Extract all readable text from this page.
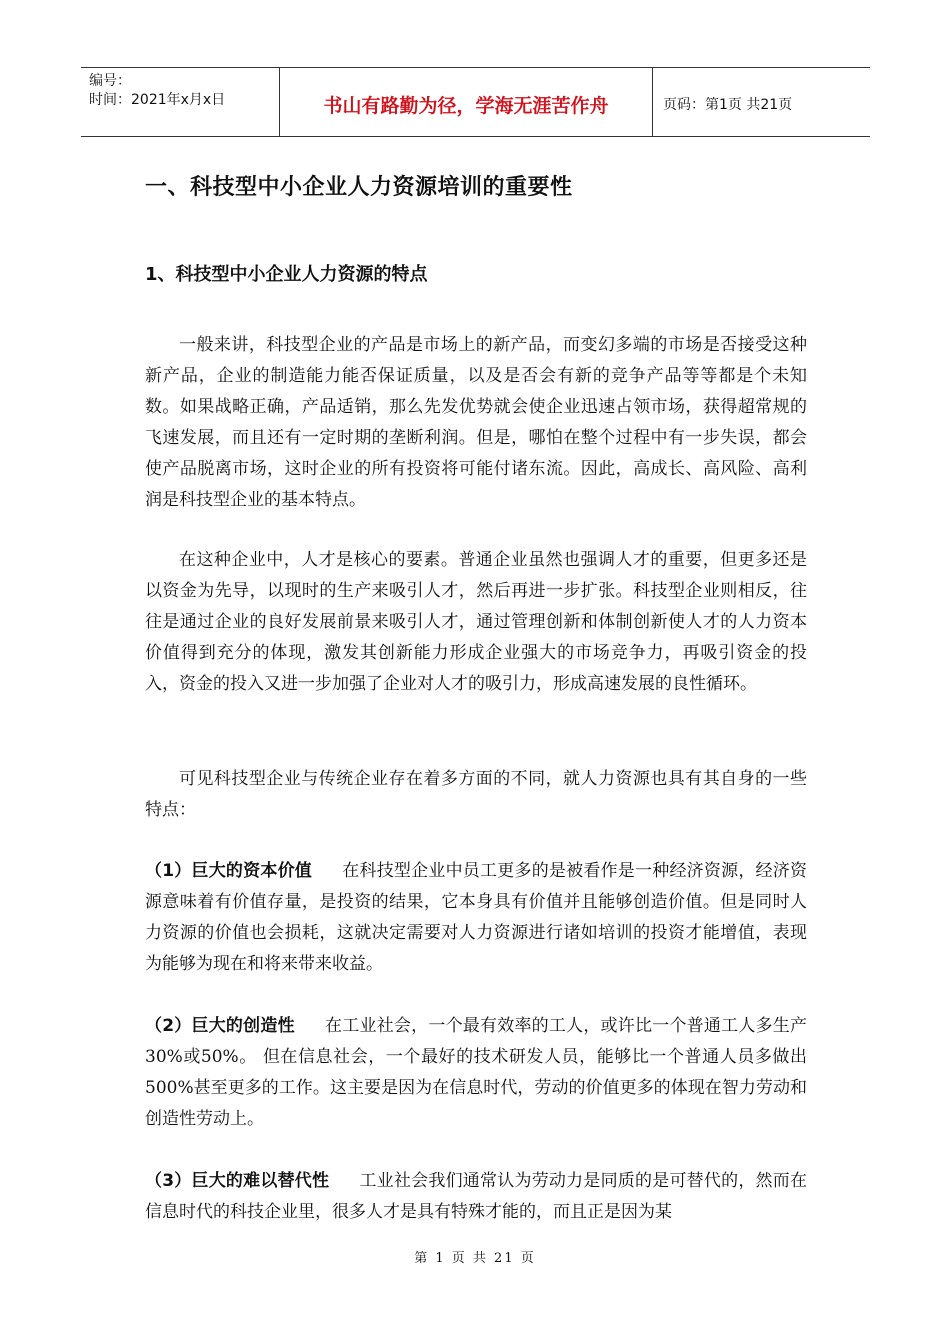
编号：
时间：2021年x月x日	书山有路勤为径，学海无涯苦作舟	页码：第1页 共21页
一、科技型中小企业人力资源培训的重要性
1、科技型中小企业人力资源的特点

一般来讲，科技型企业的产品是市场上的新产品，而变幻多端的市场是否接受这种新产品，企业的制造能力能否保证质量，以及是否会有新的竞争产品等等都是个未知数。如果战略正确，产品适销，那么先发优势就会使企业迅速占领市场，获得超常规的飞速发展，而且还有一定时期的垄断利润。但是，哪怕在整个过程中有一步失误，都会使产品脱离市场，这时企业的所有投资将可能付诸东流。因此，高成长、高风险、高利润是科技型企业的基本特点。

在这种企业中，人才是核心的要素。普通企业虽然也强调人才的重要，但更多还是以资金为先导，以现时的生产来吸引人才，然后再进一步扩张。科技型企业则相反，往往是通过企业的良好发展前景来吸引人才，通过管理创新和体制创新使人才的人力资本价值得到充分的体现，激发其创新能力形成企业强大的市场竞争力，再吸引资金的投入，资金的投入又进一步加强了企业对人才的吸引力，形成高速发展的良性循环。

可见科技型企业与传统企业存在着多方面的不同，就人力资源也具有其自身的一些特点：

（1）巨大的资本价值 在科技型企业中员工更多的是被看作是一种经济资源，经济资源意味着有价值存量，是投资的结果，它本身具有价值并且能够创造价值。但是同时人力资源的价值也会损耗，这就决定需要对人力资源进行诸如培训的投资才能增值，表现为能够为现在和将来带来收益。

（2）巨大的创造性 在工业社会，一个最有效率的工人，或许比一个普通工人多生产30%或50%。 但在信息社会，一个最好的技术研发人员，能够比一个普通人员多做出500%甚至更多的工作。这主要是因为在信息时代，劳动的价值更多的体现在智力劳动和创造性劳动上。

（3）巨大的难以替代性 工业社会我们通常认为劳动力是同质的是可替代的，然而在信息时代的科技企业里，很多人才是具有特殊才能的，而且正是因为某

第 1 页 共 21 页
